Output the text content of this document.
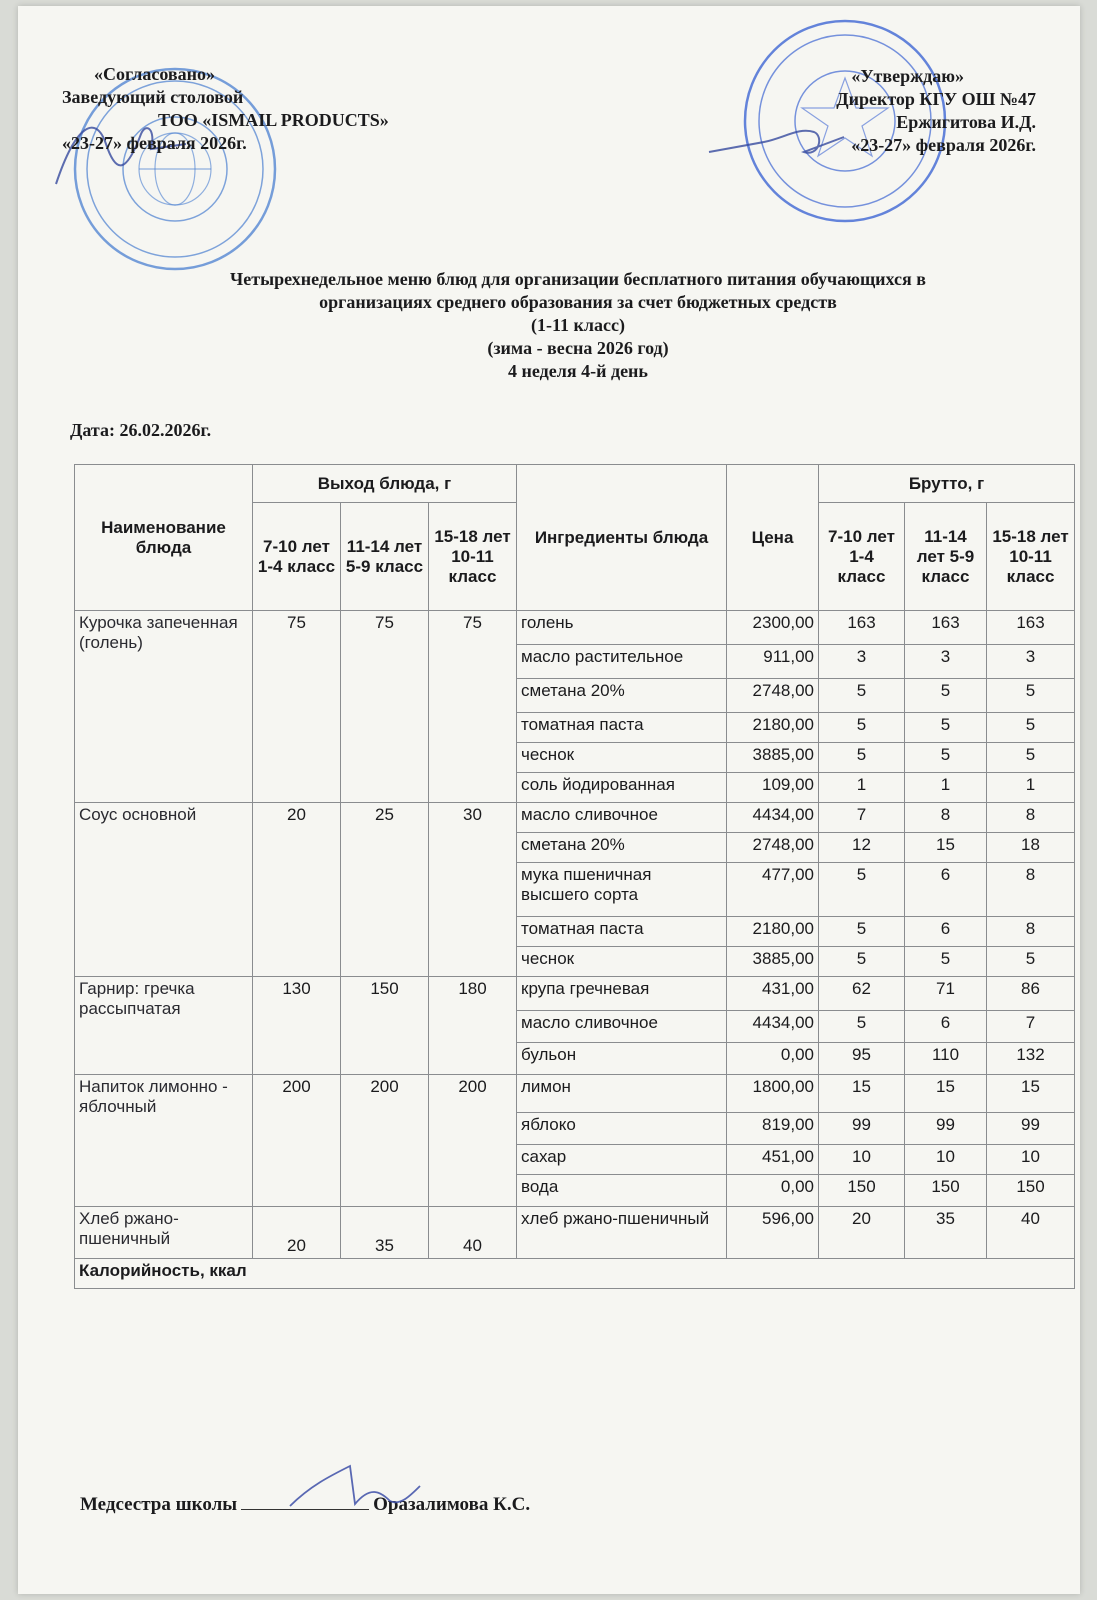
«Согласовано»
Заведующий столовой
ТОО «ISMAIL PRODUCTS»
«23-27» февраля 2026г.
«Утверждаю»
Директор КГУ ОШ №47
Ержигитова И.Д.
«23-27» февраля 2026г.
Четырехнедельное меню блюд для организации бесплатного питания обучающихся в
организациях среднего образования за счет бюджетных средств
(1-11 класс)
(зима - весна 2026 год)
4 неделя 4-й день
Дата: 26.02.2026г.
Наименование блюда	Выход блюда, г			Ингредиенты блюда	Цена	Брутто, г		
	7-10 лет 1-4 класс	11-14 лет 5-9 класс	15-18 лет 10-11 класс			7-10 лет 1-4 класс	11-14 лет 5-9 класс	15-18 лет 10-11 класс
Курочка запеченная (голень)	75	75	75	голень	2300,00	163	163	163
				масло растительное	911,00	3	3	3
				сметана 20%	2748,00	5	5	5
				томатная паста	2180,00	5	5	5
				чеснок	3885,00	5	5	5
				соль йодированная	109,00	1	1	1
Соус основной	20	25	30	масло сливочное	4434,00	7	8	8
				сметана 20%	2748,00	12	15	18
				мука пшеничная высшего сорта	477,00	5	6	8
				томатная паста	2180,00	5	6	8
				чеснок	3885,00	5	5	5
Гарнир: гречка рассыпчатая	130	150	180	крупа гречневая	431,00	62	71	86
				масло сливочное	4434,00	5	6	7
				бульон	0,00	95	110	132
Напиток лимонно - яблочный	200	200	200	лимон	1800,00	15	15	15
				яблоко	819,00	99	99	99
				сахар	451,00	10	10	10
				вода	0,00	150	150	150
Хлеб ржано-пшеничный	20	35	40	хлеб ржано-пшеничный	596,00	20	35	40
Калорийность, ккал								
Медсестра школы	Оразалимова К.С.
